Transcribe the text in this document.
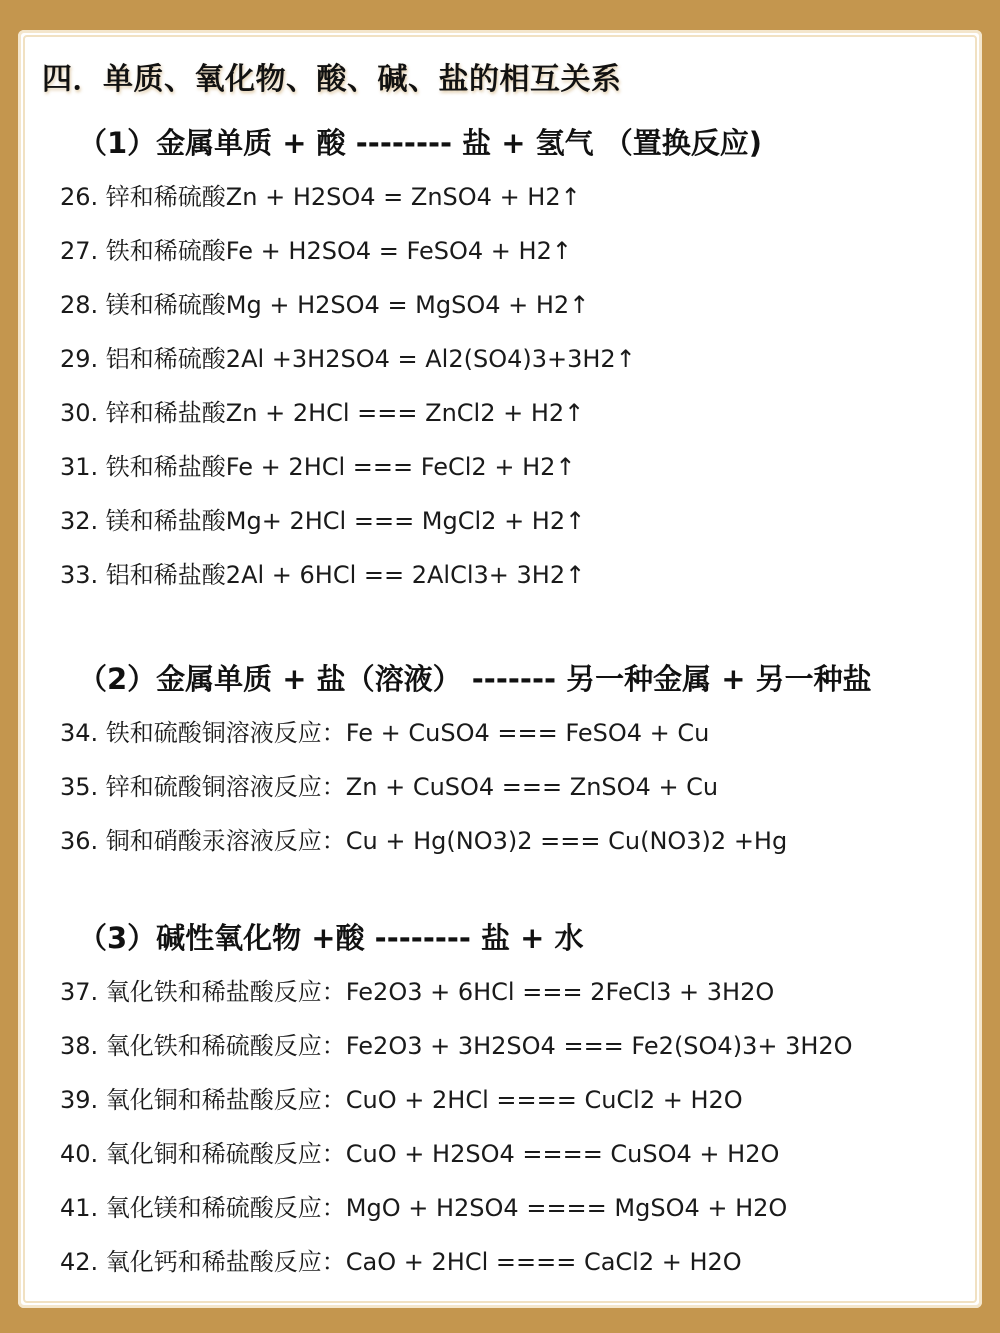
四．单质、氧化物、酸、碱、盐的相互关系
（1）金属单质 + 酸 -------- 盐 + 氢气 （置换反应)
26. 锌和稀硫酸Zn + H2SO4 = ZnSO4 + H2↑
27. 铁和稀硫酸Fe + H2SO4 = FeSO4 + H2↑
28. 镁和稀硫酸Mg + H2SO4 = MgSO4 + H2↑
29. 铝和稀硫酸2Al +3H2SO4 = Al2(SO4)3+3H2↑
30. 锌和稀盐酸Zn + 2HCl === ZnCl2 + H2↑
31. 铁和稀盐酸Fe + 2HCl === FeCl2 + H2↑
32. 镁和稀盐酸Mg+ 2HCl === MgCl2 + H2↑
33. 铝和稀盐酸2Al + 6HCl == 2AlCl3+ 3H2↑
（2）金属单质 + 盐（溶液） ------- 另一种金属 + 另一种盐
34. 铁和硫酸铜溶液反应：Fe + CuSO4 === FeSO4 + Cu
35. 锌和硫酸铜溶液反应：Zn + CuSO4 === ZnSO4 + Cu
36. 铜和硝酸汞溶液反应：Cu + Hg(NO3)2 === Cu(NO3)2 +Hg
（3）碱性氧化物 +酸 -------- 盐 + 水
37. 氧化铁和稀盐酸反应：Fe2O3 + 6HCl === 2FeCl3 + 3H2O
38. 氧化铁和稀硫酸反应：Fe2O3 + 3H2SO4 === Fe2(SO4)3+ 3H2O
39. 氧化铜和稀盐酸反应：CuO + 2HCl ==== CuCl2 + H2O
40. 氧化铜和稀硫酸反应：CuO + H2SO4 ==== CuSO4 + H2O
41. 氧化镁和稀硫酸反应：MgO + H2SO4 ==== MgSO4 + H2O
42. 氧化钙和稀盐酸反应：CaO + 2HCl ==== CaCl2 + H2O
